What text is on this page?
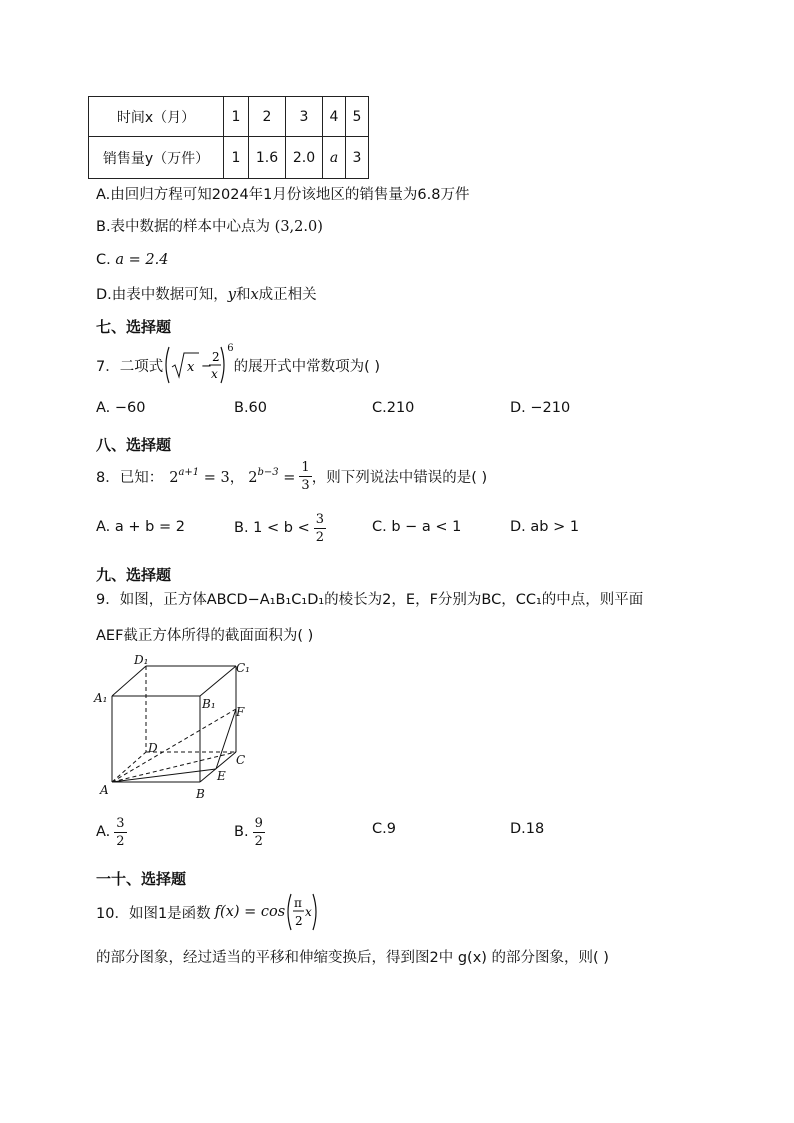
时间x（月）	1	2	3	4	5
销售量y（万件）	1	1.6	2.0	a	3
A.由回归方程可知2024年1月份该地区的销售量为6.8万件
B.表中数据的样本中心点为 (3,2.0)
C. a = 2.4
D.由表中数据可知，y和x成正相关
七、选择题
7．二项式 x −
2
x
6
的展开式中常数项为( )
A. −60	B.60	C.210	D. −210
八、选择题
8．已知： $2^{a+1} = 3$， $2^{b-3} = \frac{1}{3}$ ，则下列说法中错误的是( )
A. a + b = 2	B. $1 < b < \frac{3}{2}$	C. b − a < 1	D. ab > 1
九、选择题
9．如图，正方体ABCD−A₁B₁C₁D₁的棱长为2，E，F分别为BC，CC₁的中点，则平面
AEF截正方体所得的截面面积为( )
D₁
C₁
A₁	B₁
F
D
C
E
A	B
A. $\frac{3}{2}$	B. $\frac{9}{2}$	C.9	D.18
一十、选择题
10．如图1是函数 f(x) = cos
π
2
x
的部分图象，经过适当的平移和伸缩变换后，得到图2中 g(x) 的部分图象，则( )
